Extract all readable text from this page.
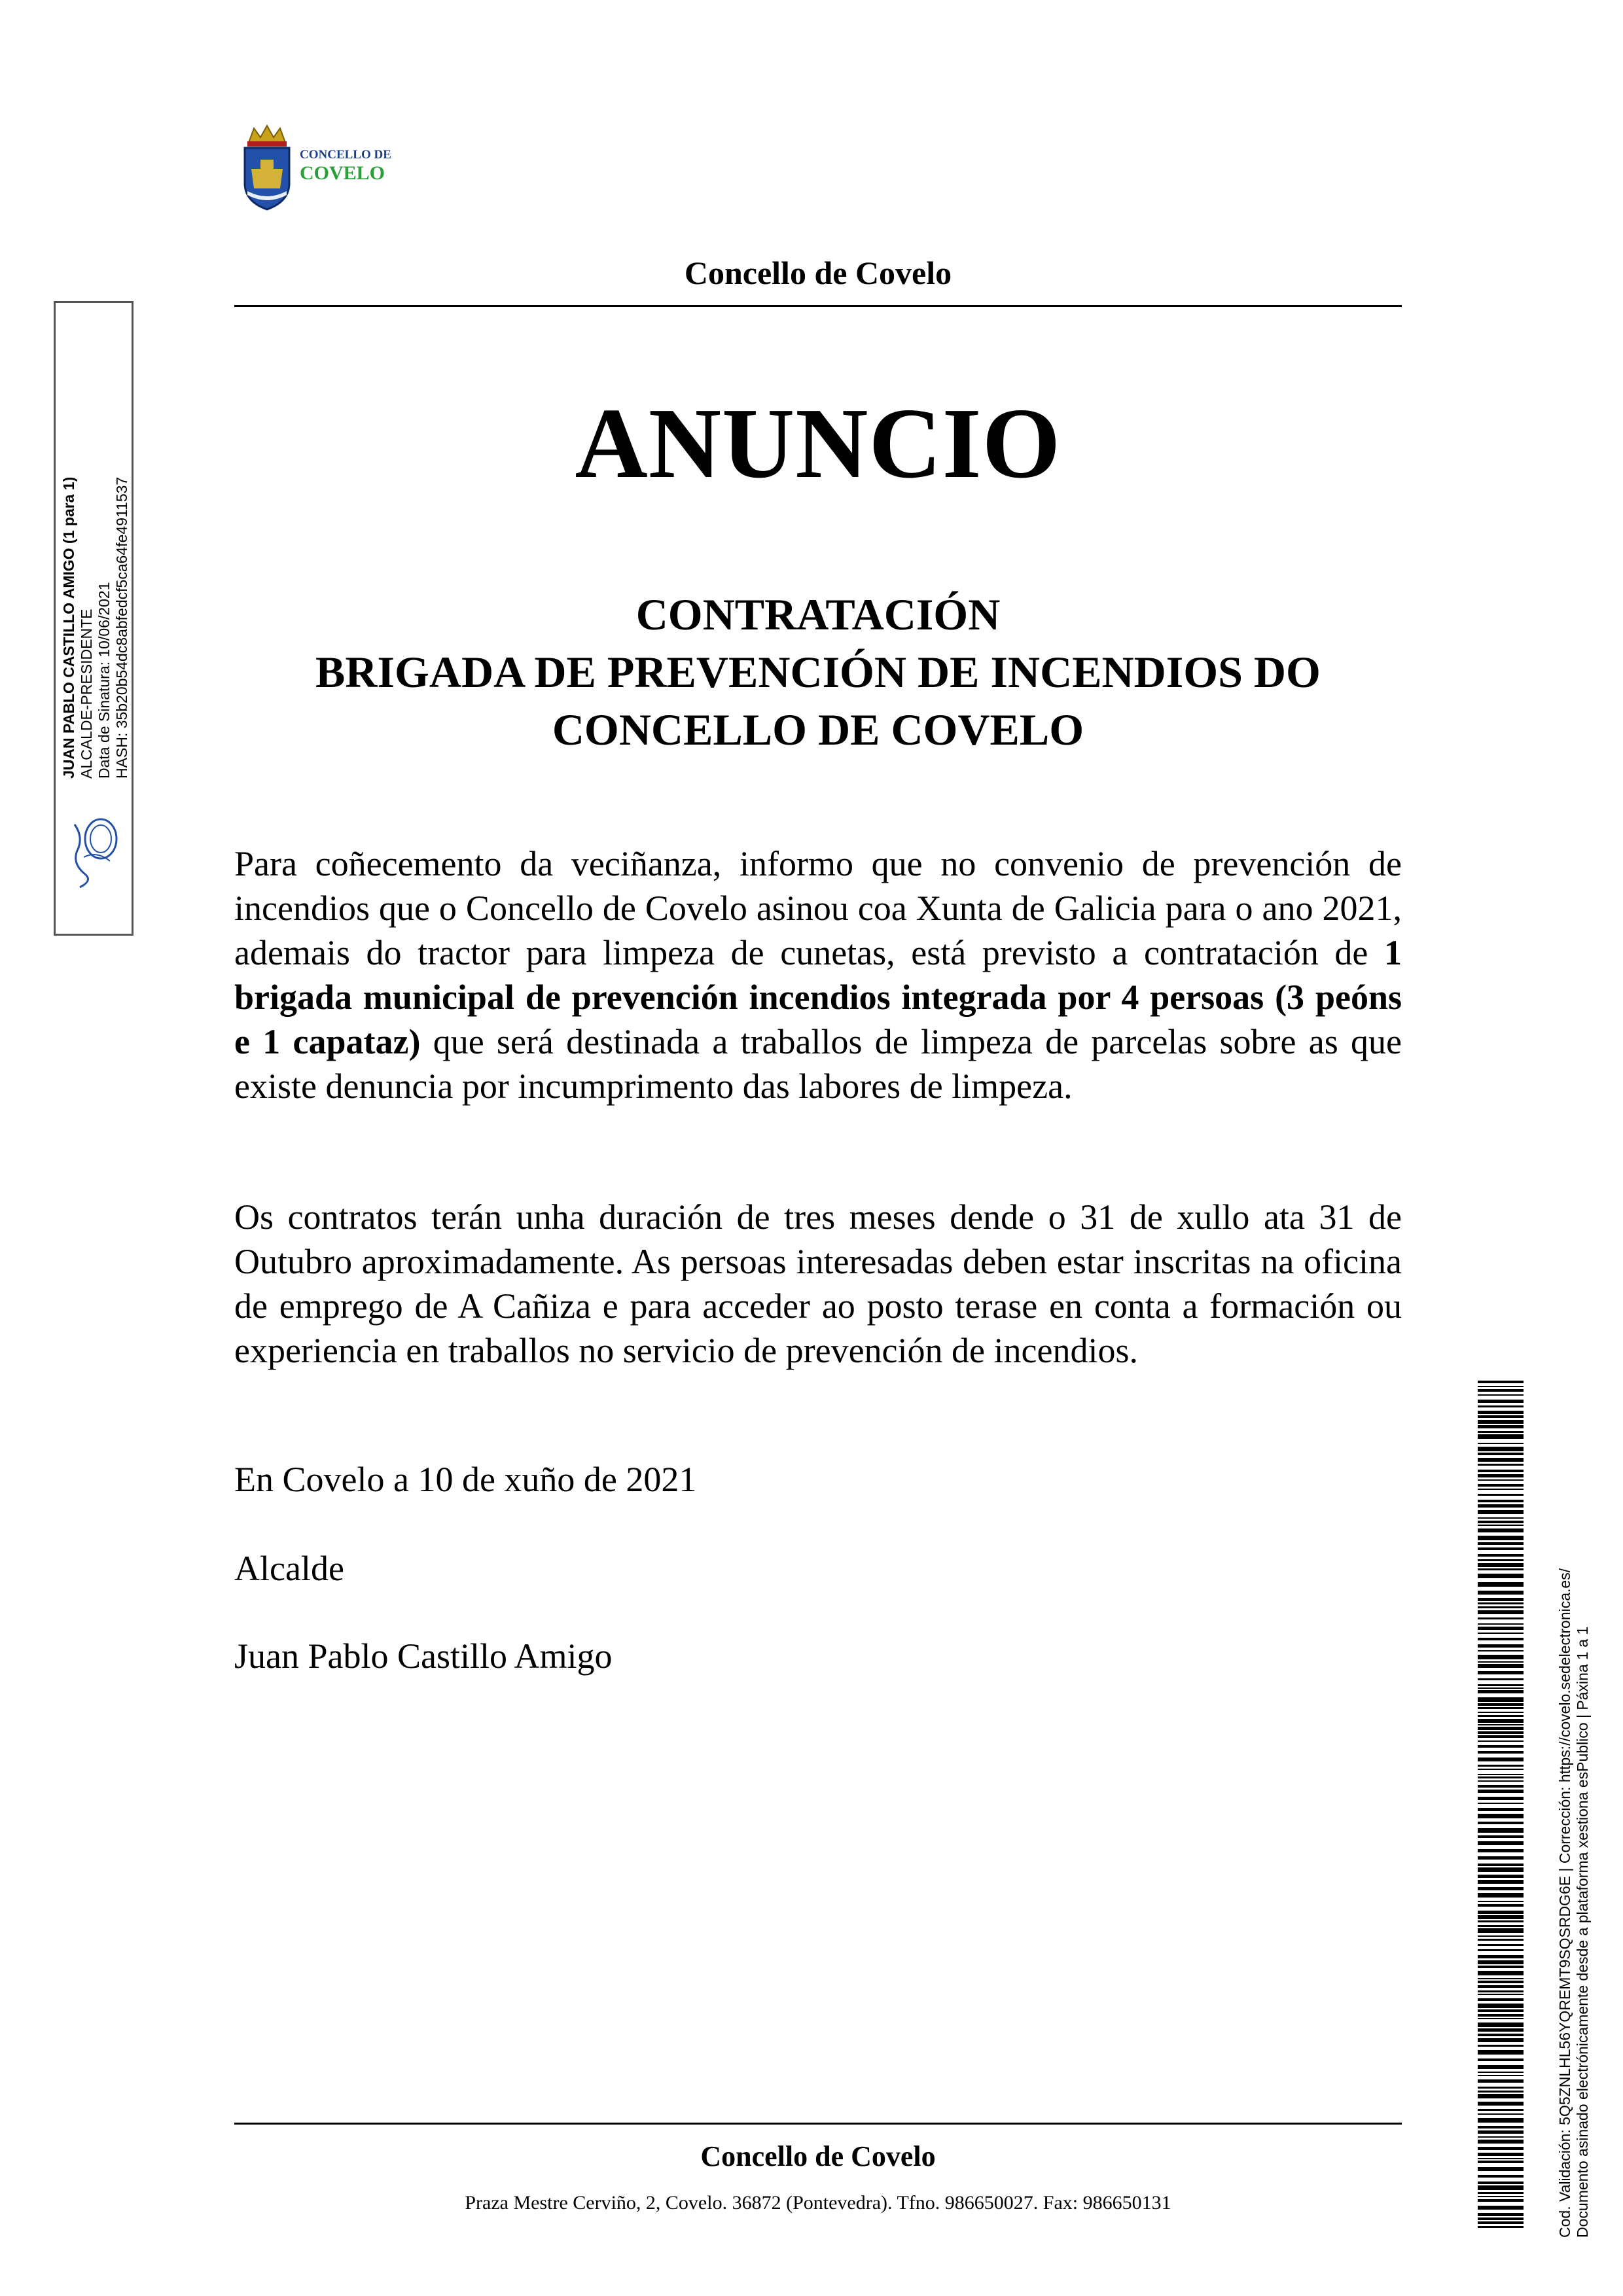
CONCELLO DE
COVELO
Concello de Covelo
ANUNCIO
CONTRATACIÓN
BRIGADA DE PREVENCIÓN DE INCENDIOS DO
CONCELLO DE COVELO
Para coñecemento da veciñanza, informo que no convenio de prevención de incendios que o Concello de Covelo asinou coa Xunta de Galicia para o ano 2021, ademais do tractor para limpeza de cunetas, está previsto a contratación de 1 brigada municipal de prevención incendios integrada por 4 persoas (3 peóns e 1 capataz) que será destinada a traballos de limpeza de parcelas sobre as que existe denuncia por incumprimento das labores de limpeza.
Os contratos terán unha duración de tres meses dende o 31 de xullo ata 31 de Outubro aproximadamente. As persoas interesadas deben estar inscritas na oficina de emprego de A Cañiza e para acceder ao posto terase en conta a formación ou experiencia en traballos no servicio de prevención de incendios.
En Covelo a 10 de xuño de 2021
Alcalde
Juan Pablo Castillo Amigo
Concello de Covelo
Praza Mestre Cerviño, 2, Covelo. 36872 (Pontevedra). Tfno. 986650027. Fax: 986650131
JUAN PABLO CASTILLO AMIGO (1 para 1) ALCALDE-PRESIDENTE Data de Sinatura: 10/06/2021 HASH: 35b20b54dc8abfedcf5ca64fe4911537
Cod. Validación: 5Q5ZNLHL56YQREMT9SQSRDG6E | Corrección: https://covelo.sedelectronica.es/ Documento asinado electrónicamente desde a plataforma xestiona esPublico | Páxina 1 a 1
